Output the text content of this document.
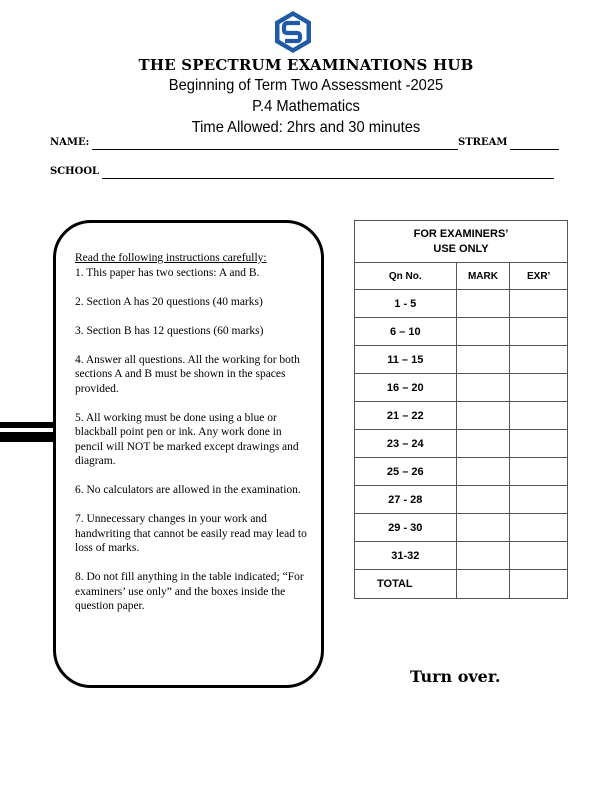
THE SPECTRUM EXAMINATIONS HUB
Beginning of Term Two Assessment -2025
P.4 Mathematics
Time Allowed: 2hrs and 30 minutes
NAME:	STREAM
SCHOOL

Read the following instructions carefully:

1. This paper has two sections: A and B.

2. Section A has 20 questions (40 marks)

3. Section B has 12 questions (60 marks)

4. Answer all questions. All the working for both sections A and B must be shown in the spaces provided.

5. All working must be done using a blue or blackball point pen or ink. Any work done in pencil will NOT be marked except drawings and diagram.

6. No calculators are allowed in the examination.

7. Unnecessary changes in your work and handwriting that cannot be easily read may lead to loss of marks.

8. Do not fill anything in the table indicated; “For examiners’ use only” and the boxes inside the question paper.

FOR EXAMINERS’
USE ONLY		

Qn No.	MARK	EXR’
1 - 5		
6 – 10		
11 – 15		
16 – 20		
21 – 22		
23 – 24		
25 – 26		
27 - 28		
29 - 30		
31-32		
TOTAL		
Turn over.
